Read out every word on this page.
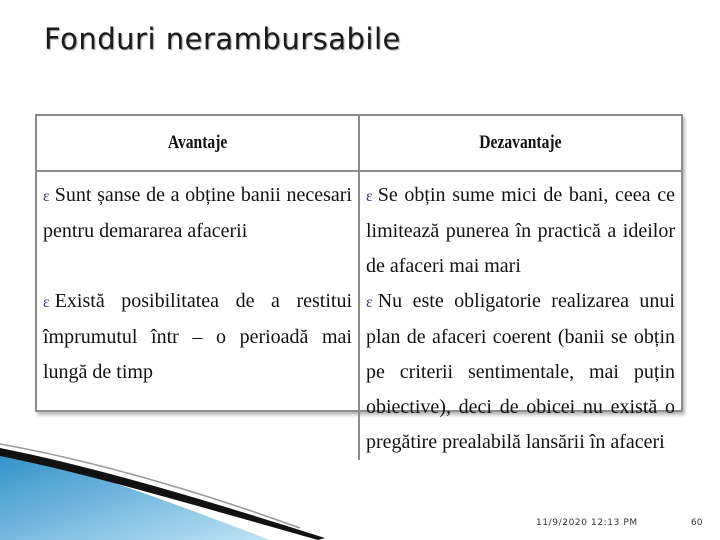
Fonduri nerambursabile
Avantaje	Dezavantaje
ε Sunt șanse de a obține banii necesari pentru demararea afacerii	ε Se obțin sume mici de bani, ceea ce limitează punerea în practică a ideilor de afaceri mai mari
ε Există posibilitatea de a restitui împrumutul într – o perioadă mai lungă de timp	ε Nu este obligatorie realizarea unui plan de afaceri coerent (banii se obțin pe criterii sentimentale, mai puțin obiective), deci de obicei nu există o pregătire prealabilă lansării în afaceri
11/9/2020 12:13 PM	60
